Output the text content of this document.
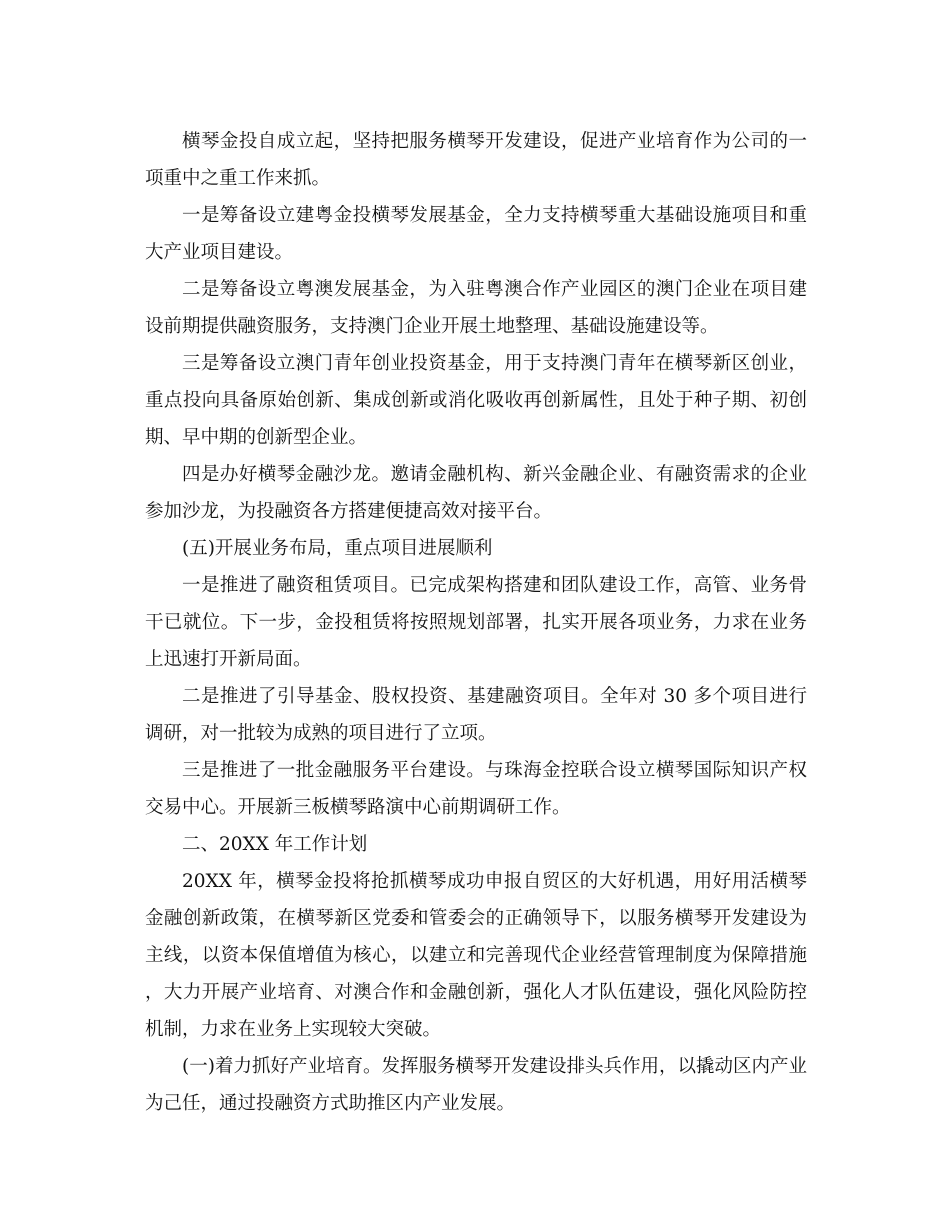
横琴金投自成立起，坚持把服务横琴开发建设，促进产业培育作为公司的一项重中之重工作来抓。

一是筹备设立建粤金投横琴发展基金，全力支持横琴重大基础设施项目和重大产业项目建设。

二是筹备设立粤澳发展基金，为入驻粤澳合作产业园区的澳门企业在项目建设前期提供融资服务，支持澳门企业开展土地整理、基础设施建设等。

三是筹备设立澳门青年创业投资基金，用于支持澳门青年在横琴新区创业，重点投向具备原始创新、集成创新或消化吸收再创新属性，且处于种子期、初创期、早中期的创新型企业。

四是办好横琴金融沙龙。邀请金融机构、新兴金融企业、有融资需求的企业参加沙龙，为投融资各方搭建便捷高效对接平台。

(五)开展业务布局，重点项目进展顺利

一是推进了融资租赁项目。已完成架构搭建和团队建设工作，高管、业务骨干已就位。下一步，金投租赁将按照规划部署，扎实开展各项业务，力求在业务上迅速打开新局面。

二是推进了引导基金、股权投资、基建融资项目。全年对 30 多个项目进行调研，对一批较为成熟的项目进行了立项。

三是推进了一批金融服务平台建设。与珠海金控联合设立横琴国际知识产权交易中心。开展新三板横琴路演中心前期调研工作。

二、20XX 年工作计划

20XX 年，横琴金投将抢抓横琴成功申报自贸区的大好机遇，用好用活横琴金融创新政策，在横琴新区党委和管委会的正确领导下，以服务横琴开发建设为主线，以资本保值增值为核心，以建立和完善现代企业经营管理制度为保障措施，大力开展产业培育、对澳合作和金融创新，强化人才队伍建设，强化风险防控机制，力求在业务上实现较大突破。

(一)着力抓好产业培育。发挥服务横琴开发建设排头兵作用，以撬动区内产业为己任，通过投融资方式助推区内产业发展。
